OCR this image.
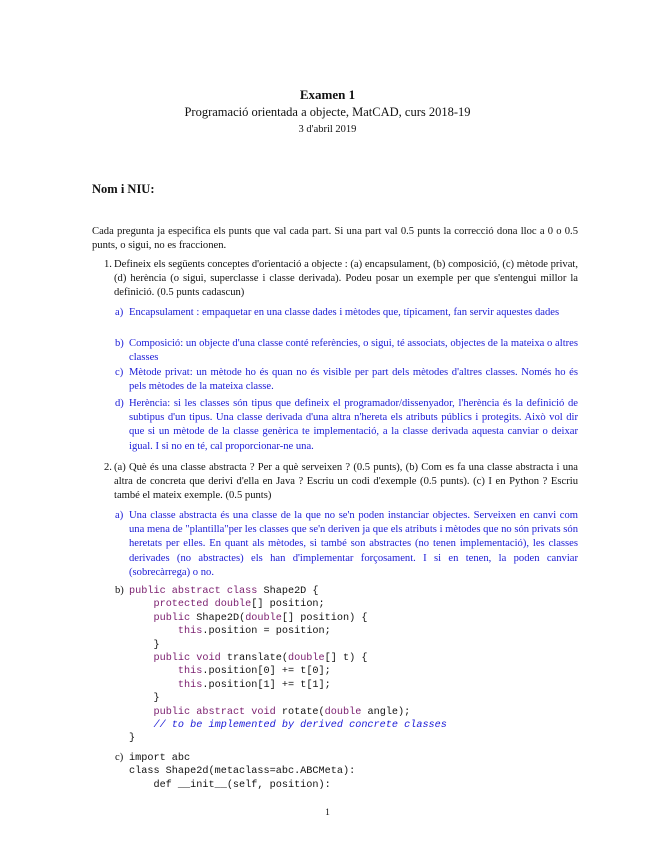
Examen 1
Programació orientada a objecte, MatCAD, curs 2018-19
3 d'abril 2019
Nom i NIU:
Cada pregunta ja especifica els punts que val cada part. Si una part val 0.5 punts la correcció dona lloc a 0 o 0.5 punts, o sigui, no es fraccionen.
1. Defineix els següents conceptes d'orientació a objecte : (a) encapsulament, (b) composició, (c) mètode privat, (d) herència (o sigui, superclasse i classe derivada). Podeu posar un exemple per que s'entengui millor la definició. (0.5 punts cadascun)
a) Encapsulament : empaquetar en una classe dades i mètodes que, típicament, fan servir aquestes dades
b) Composició: un objecte d'una classe conté referències, o sigui, té associats, objectes de la mateixa o altres classes
c) Mètode privat: un mètode ho és quan no és visible per part dels mètodes d'altres classes. Només ho és pels mètodes de la mateixa classe.
d) Herència: si les classes són tipus que defineix el programador/dissenyador, l'herència és la definició de subtipus d'un tipus. Una classe derivada d'una altra n'hereta els atributs públics i protegits. Això vol dir que si un mètode de la classe genèrica te implementació, a la classe derivada aquesta canviar o deixar igual. I si no en té, cal proporcionar-ne una.
2. (a) Què és una classe abstracta ? Per a què serveixen ? (0.5 punts), (b) Com es fa una classe abstracta i una altra de concreta que derivi d'ella en Java ? Escriu un codi d'exemple (0.5 punts). (c) I en Python ? Escriu també el mateix exemple. (0.5 punts)
a) Una classe abstracta és una classe de la que no se'n poden instanciar objectes. Serveixen en canvi com una mena de "plantilla"per les classes que se'n deriven ja que els atributs i mètodes que no són privats són heretats per elles. En quant als mètodes, si també son abstractes (no tenen implementació), les classes derivades (no abstractes) els han d'implementar forçosament. I si en tenen, la poden canviar (sobrecàrrega) o no.
b) public abstract class Shape2D {
protected double[] position;
public Shape2D(double[] position) {
this.position = position;
}
public void translate(double[] t) {
this.position[0] += t[0];
this.position[1] += t[1];
}
public abstract void rotate(double angle);
// to be implemented by derived concrete classes
}
c) import abc
class Shape2d(metaclass=abc.ABCMeta):
def __init__(self, position):
1
